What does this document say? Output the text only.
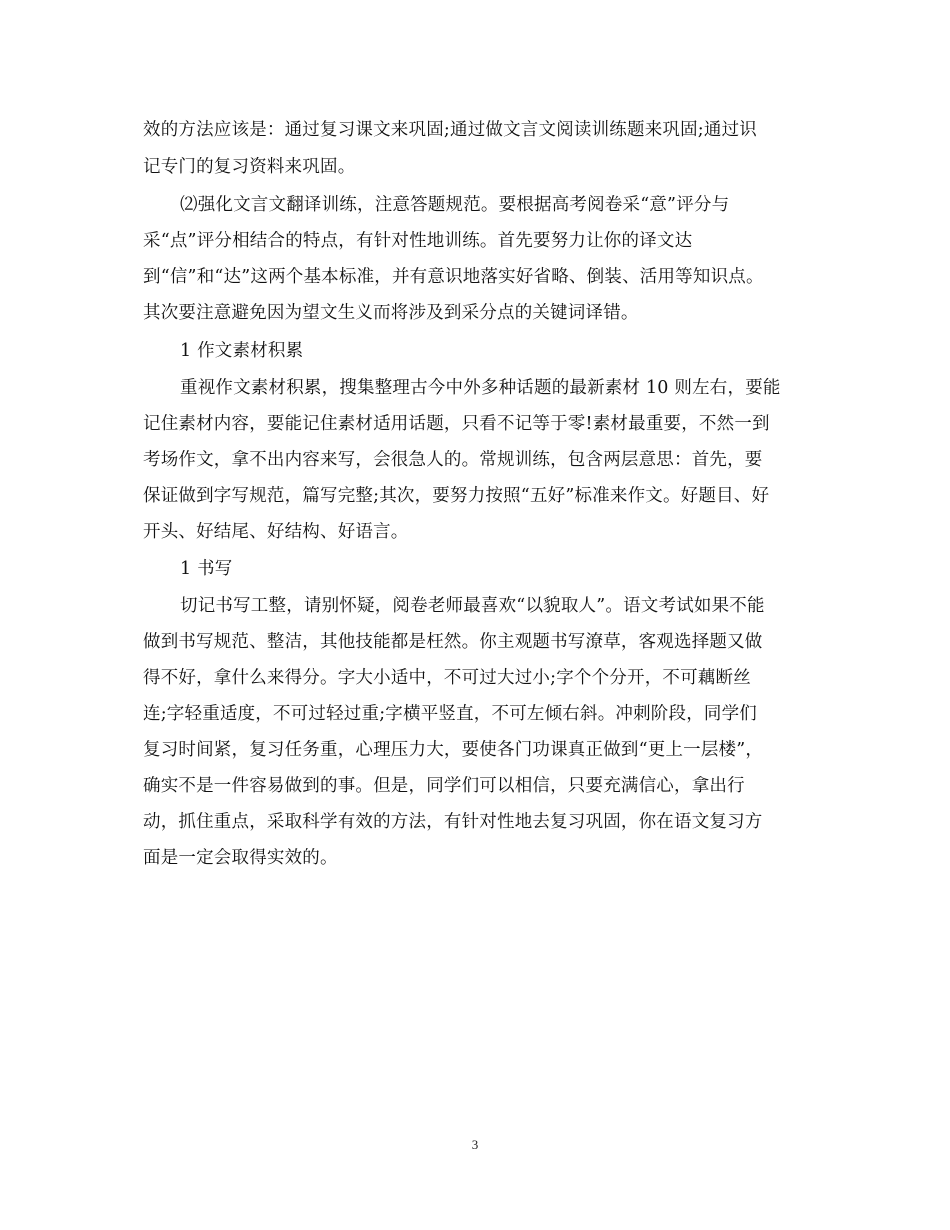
效的方法应该是：通过复习课文来巩固;通过做文言文阅读训练题来巩固;通过识
记专门的复习资料来巩固。
⑵强化文言文翻译训练，注意答题规范。要根据高考阅卷采“意”评分与
采“点”评分相结合的特点，有针对性地训练。首先要努力让你的译文达
到“信”和“达”这两个基本标准，并有意识地落实好省略、倒装、活用等知识点。
其次要注意避免因为望文生义而将涉及到采分点的关键词译错。
1 作文素材积累
重视作文素材积累，搜集整理古今中外多种话题的最新素材 10 则左右，要能
记住素材内容，要能记住素材适用话题，只看不记等于零!素材最重要，不然一到
考场作文，拿不出内容来写，会很急人的。常规训练，包含两层意思：首先，要
保证做到字写规范，篇写完整;其次，要努力按照“五好”标准来作文。好题目、好
开头、好结尾、好结构、好语言。
1 书写
切记书写工整，请别怀疑，阅卷老师最喜欢“以貌取人”。语文考试如果不能
做到书写规范、整洁，其他技能都是枉然。你主观题书写潦草，客观选择题又做
得不好，拿什么来得分。字大小适中，不可过大过小;字个个分开，不可藕断丝
连;字轻重适度，不可过轻过重;字横平竖直，不可左倾右斜。冲刺阶段，同学们
复习时间紧，复习任务重，心理压力大，要使各门功课真正做到“更上一层楼”，
确实不是一件容易做到的事。但是，同学们可以相信，只要充满信心，拿出行
动，抓住重点，采取科学有效的方法，有针对性地去复习巩固，你在语文复习方
面是一定会取得实效的。
3
